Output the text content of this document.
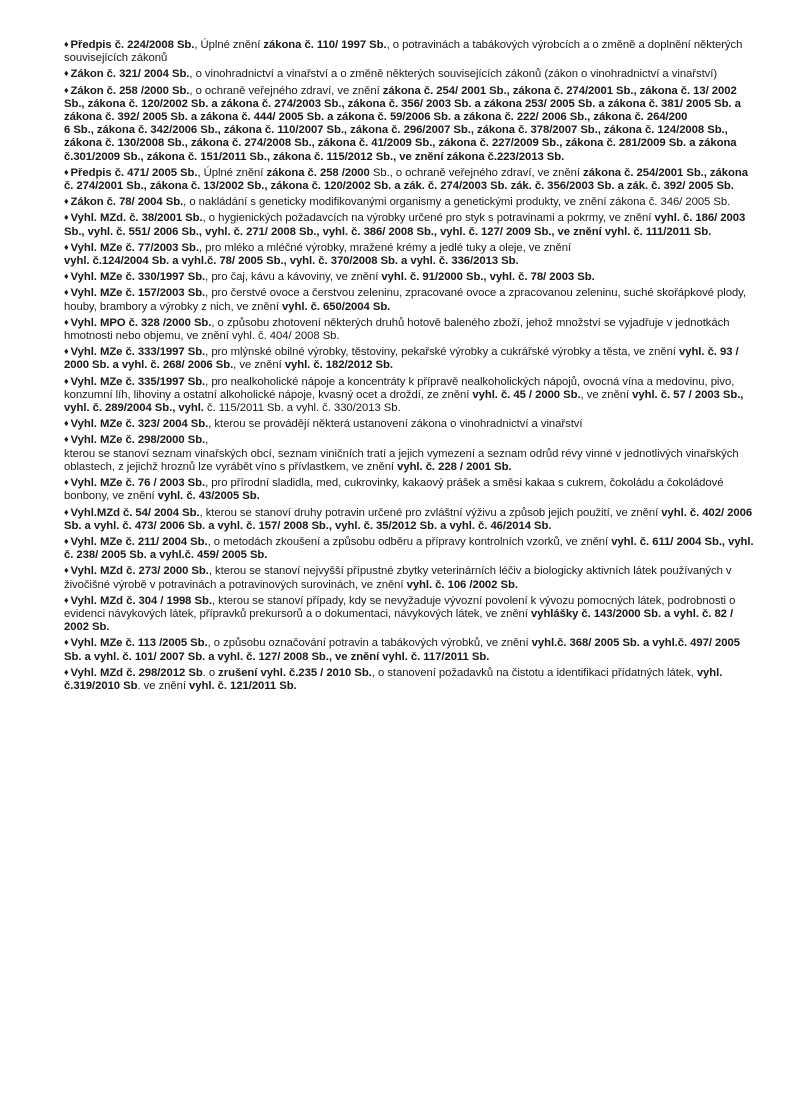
♦ Předpis č. 224/2008 Sb., Úplné znění zákona č. 110/ 1997 Sb., o potravinách a tabákových výrobcích a o změně a doplnění některých souvisejících zákonů
♦ Zákon č. 321/ 2004 Sb., o vinohradnictví a vinařství a o změně některých souvisejících zákonů (zákon o vinohradnictví a vinařství)
♦ Zákon č. 258 /2000 Sb., o ochraně veřejného zdraví, ve znění zákona č. 254/ 2001 Sb., zákona č. 274/2001 Sb., zákona č. 13/ 2002 Sb., zákona č. 120/2002 Sb. a zákona č. 274/2003 Sb., zákona č. 356/ 2003 Sb. a zákona 253/ 2005 Sb. a zákona č. 381/ 2005 Sb. a zákona č. 392/ 2005 Sb. a zákona č. 444/ 2005 Sb. a zákona č. 59/2006 Sb. a zákona č. 222/ 2006 Sb., zákona č. 264/200
6 Sb., zákona č. 342/2006 Sb., zákona č. 110/2007 Sb., zákona č. 296/2007 Sb., zákona č. 378/2007 Sb., zákona č. 124/2008 Sb., zákona č. 130/2008 Sb., zákona č. 274/2008 Sb., zákona č. 41/2009 Sb., zákona č. 227/2009 Sb., zákona č. 281/2009 Sb. a zákona č.301/2009 Sb., zákona č. 151/2011 Sb., zákona č. 115/2012 Sb., ve znění zákona č.223/2013 Sb.
♦ Předpis č. 471/ 2005 Sb., Úplné znění zákona č. 258 /2000 Sb., o ochraně veřejného zdraví, ve znění zákona č. 254/2001 Sb., zákona č. 274/2001 Sb., zákona č. 13/2002 Sb., zákona č. 120/2002 Sb. a zák. č. 274/2003 Sb. zák. č. 356/2003 Sb. a zák. č. 392/ 2005 Sb.
♦ Zákon č. 78/ 2004 Sb., o nakládání s geneticky modifikovanými organismy a genetickými produkty, ve znění zákona č. 346/ 2005 Sb.
♦ Vyhl. MZd. č. 38/2001 Sb., o hygienických požadavcích na výrobky určené pro styk s potravinami a pokrmy, ve znění vyhl. č. 186/ 2003 Sb., vyhl. č. 551/ 2006 Sb., vyhl. č. 271/ 2008 Sb., vyhl. č. 386/ 2008 Sb., vyhl. č. 127/ 2009 Sb., ve znění vyhl. č. 111/2011 Sb.
♦ Vyhl. MZe č. 77/2003 Sb., pro mléko a mléčné výrobky, mražené krémy a jedlé tuky a oleje, ve znění
vyhl. č.124/2004 Sb. a vyhl.č. 78/ 2005 Sb., vyhl. č. 370/2008 Sb. a vyhl. č. 336/2013 Sb.
♦ Vyhl. MZe č. 330/1997 Sb., pro čaj, kávu a kávoviny, ve znění vyhl. č. 91/2000 Sb., vyhl. č. 78/ 2003 Sb.
♦ Vyhl. MZe č. 157/2003 Sb., pro čerstvé ovoce a čerstvou zeleninu, zpracované ovoce a zpracovanou zeleninu, suché skořápkové plody, houby, brambory a výrobky z nich, ve znění vyhl. č. 650/2004 Sb.
♦ Vyhl. MPO č. 328 /2000 Sb., o způsobu zhotovení některých druhů hotově baleného zboží, jehož množství se vyjadřuje v jednotkách hmotnosti nebo objemu, ve znění vyhl. č. 404/ 2008 Sb.
♦ Vyhl. MZe č. 333/1997 Sb., pro mlýnské obilné výrobky, těstoviny, pekařské výrobky a cukrářské výrobky a těsta, ve znění vyhl. č. 93 / 2000 Sb. a vyhl. č. 268/ 2006 Sb., ve znění vyhl. č. 182/2012 Sb.
♦ Vyhl. MZe č. 335/1997 Sb., pro nealkoholické nápoje a koncentráty k přípravě nealkoholických nápojů, ovocná vína a medovinu, pivo, konzumní líh, lihoviny a ostatní alkoholické nápoje, kvasný ocet a droždí, ze znění vyhl. č. 45 / 2000 Sb., ve znění vyhl. č. 57 / 2003 Sb., vyhl. č. 289/2004 Sb., vyhl. č. 115/2011 Sb. a vyhl. č. 330/2013 Sb.
♦ Vyhl. MZe č. 323/ 2004 Sb., kterou se provádějí některá ustanovení zákona o vinohradnictví a vinařství
♦ Vyhl. MZe č. 298/2000 Sb.,
kterou se stanoví seznam vinařských obcí, seznam viničních tratí a jejich vymezení a seznam odrůd révy vinné v jednotlivých vinařských oblastech, z jejichž hroznů lze vyrábět víno s přívlastkem, ve znění vyhl. č. 228 / 2001 Sb.
♦ Vyhl. MZe č. 76 / 2003 Sb., pro přírodní sladidla, med, cukrovinky, kakaový prášek a směsi kakaa s cukrem, čokoládu a čokoládové bonbony, ve znění vyhl. č. 43/2005 Sb.
♦ Vyhl.MZd č. 54/ 2004 Sb., kterou se stanoví druhy potravin určené pro zvláštní výživu a způsob jejich použití, ve znění vyhl. č. 402/ 2006 Sb. a vyhl. č. 473/ 2006 Sb. a vyhl. č. 157/ 2008 Sb., vyhl. č. 35/2012 Sb. a vyhl. č. 46/2014 Sb.
♦ Vyhl. MZe č. 211/ 2004 Sb., o metodách zkoušení a způsobu odběru a přípravy kontrolních vzorků, ve znění vyhl. č. 611/ 2004 Sb., vyhl. č. 238/ 2005 Sb. a vyhl.č. 459/ 2005 Sb.
♦ Vyhl. MZd č. 273/ 2000 Sb., kterou se stanoví nejvyšší přípustné zbytky veterinárních léčiv a biologicky aktivních látek používaných v živočišné výrobě v potravinách a potravinových surovinách, ve znění vyhl. č. 106 /2002 Sb.
♦ Vyhl. MZd č. 304 / 1998 Sb., kterou se stanoví případy, kdy se nevyžaduje vývozní povolení k vývozu pomocných látek, podrobnosti o evidenci návykových látek, přípravků prekursorů a o dokumentaci, návykových látek, ve znění vyhlášky č. 143/2000 Sb. a vyhl. č. 82 / 2002 Sb.
♦ Vyhl. MZe č. 113 /2005 Sb., o způsobu označování potravin a tabákových výrobků, ve znění vyhl.č. 368/ 2005 Sb. a vyhl.č. 497/ 2005 Sb. a vyhl. č. 101/ 2007 Sb. a vyhl. č. 127/ 2008 Sb., ve znění vyhl. č. 117/2011 Sb.
♦ Vyhl. MZd č. 298/2012 Sb. o zrušení vyhl. č.235 / 2010 Sb., o stanovení požadavků na čistotu a identifikaci přídatných látek, vyhl. č.319/2010 Sb. ve znění vyhl. č. 121/2011 Sb.
